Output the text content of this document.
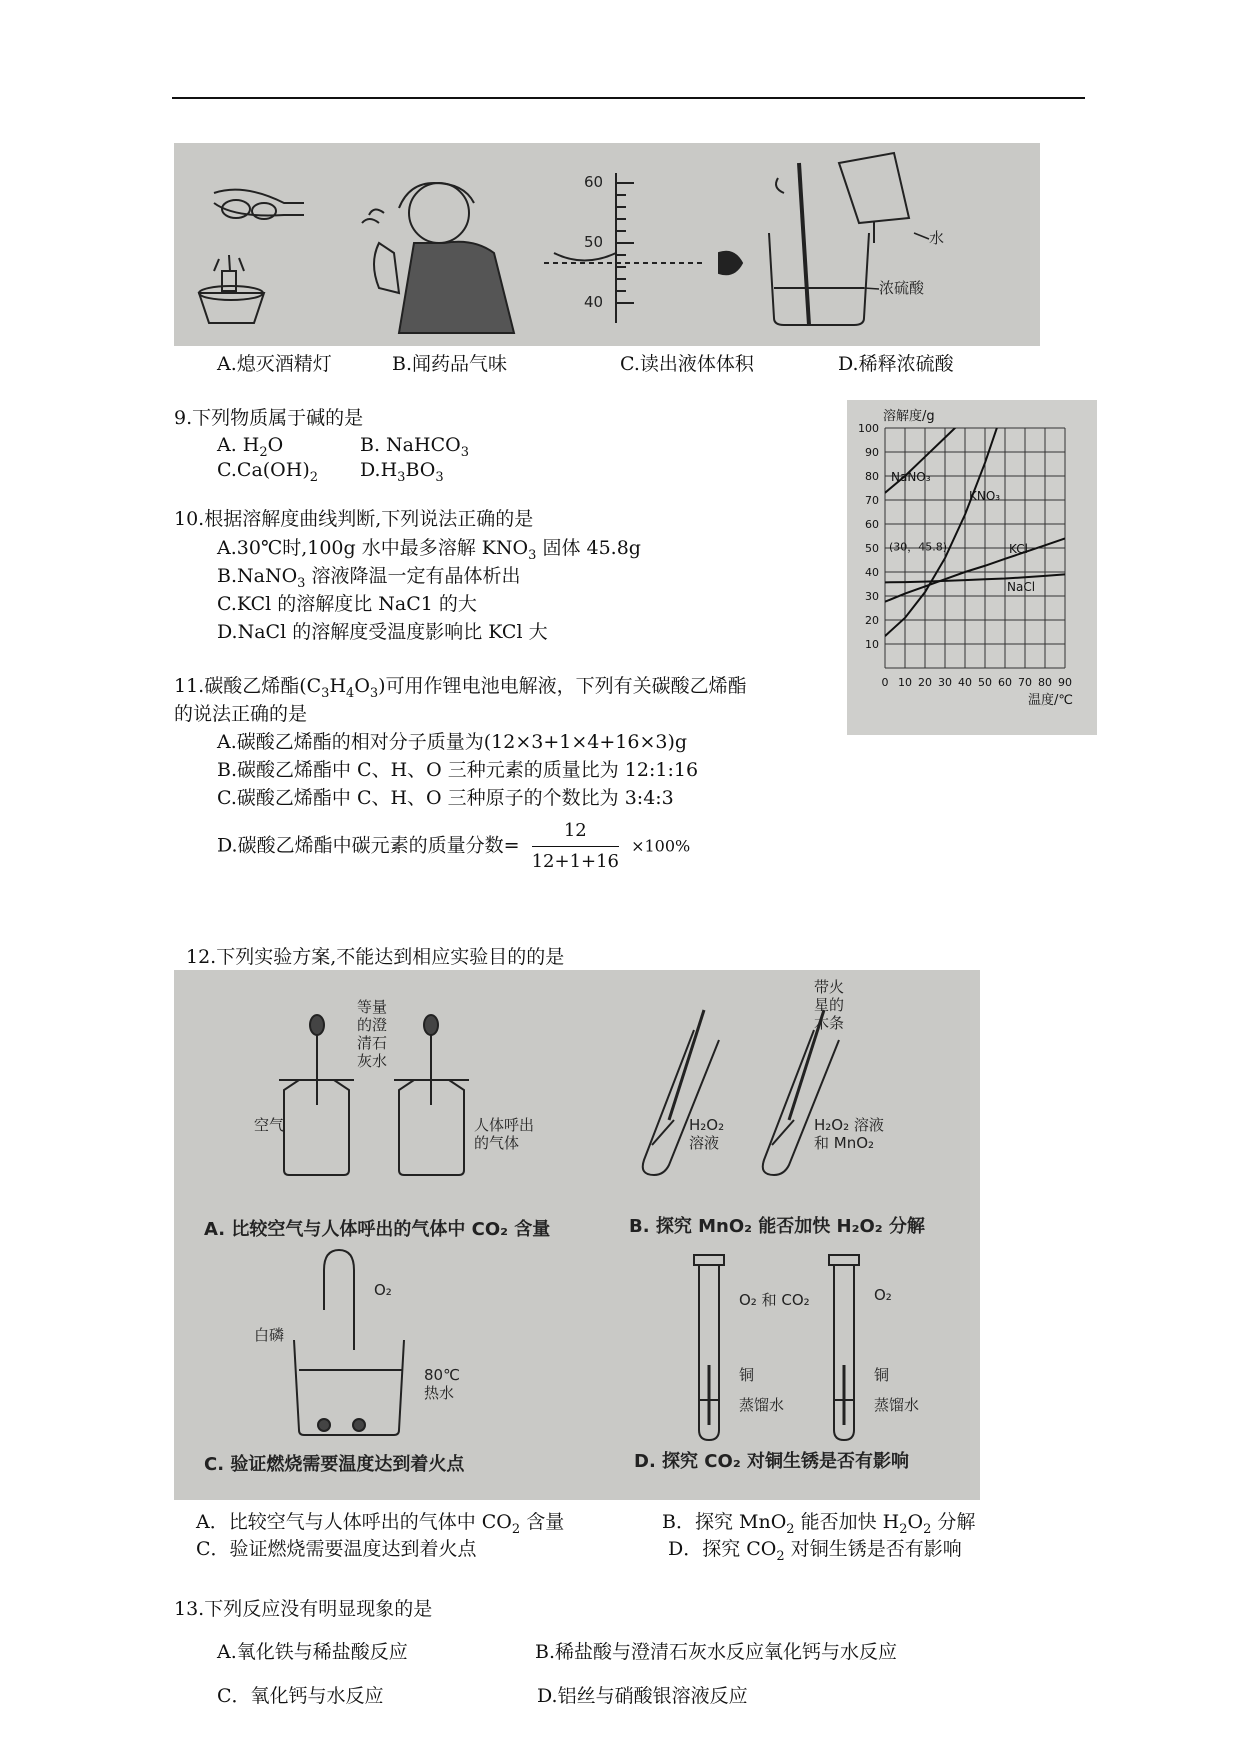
60
50
40
水
浓硫酸
A.熄灭酒精灯	B.闻药品气味	C.读出液体体积	D.稀释浓硫酸
9.下列物质属于碱的是
A. $H_2O$	B. NaHCO$_3$
$C.Ca(OH)_2$ $D.H_3BO_3$
10.根据溶解度曲线判断,下列说法正确的是
A.30℃时,100g 水中最多溶解 $KNO_3$ 固体 45.8g
B.NaNO$_3$ 溶液降温一定有晶体析出
C.KCl 的溶解度比 NaC1 的大
D.NaCl 的溶解度受温度影响比 KCl 大
0 10 20 30 40 50 60 70 80 90
10
20
30
40
50
60
70
80
90
100
溶解度/g
温度/℃
NaNO₃
KNO₃
KCl
NaCl
(30，45.8)
11.碳酸乙烯酯$(C_3H_4O_3)$可用作锂电池电解液，下列有关碳酸乙烯酯
的说法正确的是
A.碳酸乙烯酯的相对分子质量为(12×3+1×4+16×3)g
B.碳酸乙烯酯中 C、H、O 三种元素的质量比为 12:1:16
C.碳酸乙烯酯中 C、H、O 三种原子的个数比为 3:4:3
D.碳酸乙烯酯中碳元素的质量分数= $\frac{12}{12+1+16} \times 100\%$
12.下列实验方案,不能达到相应实验目的的是
等量
的澄
清石
灰水
空气	人体呼出
的气体
A. 比较空气与人体呼出的气体中 CO₂ 含量
带火
星的
木条
H₂O₂
溶液
H₂O₂ 溶液
和 MnO₂
B. 探究 MnO₂ 能否加快 H₂O₂ 分解
O₂
白磷
80℃
热水
C. 验证燃烧需要温度达到着火点
O₂ 和 CO₂	O₂
铜
蒸馏水
铜
蒸馏水
D. 探究 CO₂ 对铜生锈是否有影响
A．比较空气与人体呼出的气体中 $CO_2$ 含量	B．探究 MnO$_2$ 能否加快 $H_2O_2$ 分解
C．验证燃烧需要温度达到着火点	D．探究 $CO_2$ 对铜生锈是否有影响
13.下列反应没有明显现象的是
A.氧化铁与稀盐酸反应	B.稀盐酸与澄清石灰水反应氧化钙与水反应
C．氧化钙与水反应	D.铝丝与硝酸银溶液反应
